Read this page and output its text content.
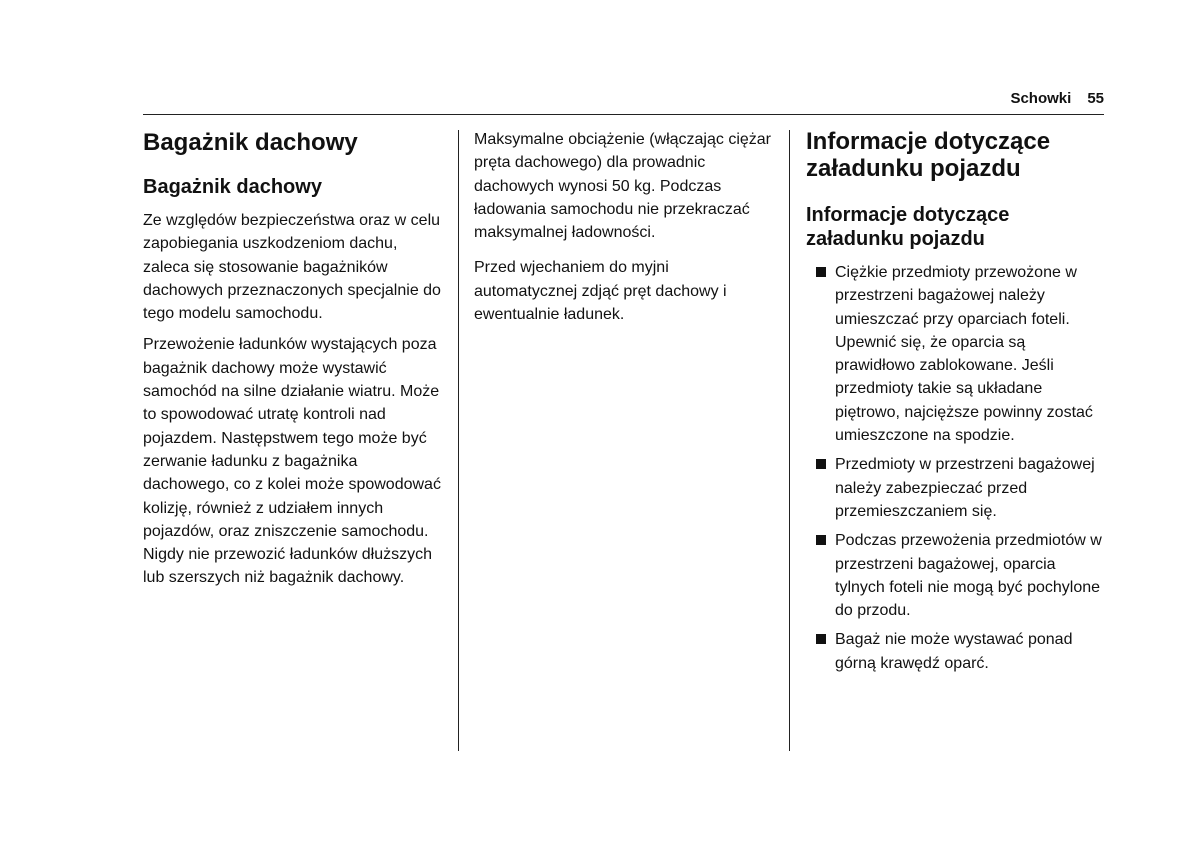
Schowki 55
Bagażnik dachowy
Bagażnik dachowy

Ze względów bezpieczeństwa oraz w celu zapobiegania uszkodzeniom dachu, zaleca się stosowanie bagażników dachowych przeznaczonych specjalnie do tego modelu samochodu.

Przewożenie ładunków wystających poza bagażnik dachowy może wystawić samochód na silne działanie wiatru. Może to spowodować utratę kontroli nad pojazdem. Następstwem tego może być zerwanie ładunku z bagażnika dachowego, co z kolei może spowodować kolizję, również z udziałem innych pojazdów, oraz zniszczenie samochodu. Nigdy nie przewozić ładunków dłuższych lub szerszych niż bagażnik dachowy.

Maksymalne obciążenie (włączając ciężar pręta dachowego) dla prowadnic dachowych wynosi 50 kg. Podczas ładowania samochodu nie przekraczać maksymalnej ładowności.

Przed wjechaniem do myjni automatycznej zdjąć pręt dachowy i ewentualnie ładunek.

Informacje dotyczące załadunku pojazdu
Informacje dotyczące załadunku pojazdu
Ciężkie przedmioty przewożone w przestrzeni bagażowej należy umieszczać przy oparciach foteli. Upewnić się, że oparcia są prawidłowo zablokowane. Jeśli przedmioty takie są układane piętrowo, najcięższe powinny zostać umieszczone na spodzie.
Przedmioty w przestrzeni bagażowej należy zabezpieczać przed przemieszczaniem się.
Podczas przewożenia przedmiotów w przestrzeni bagażowej, oparcia tylnych foteli nie mogą być pochylone do przodu.
Bagaż nie może wystawać ponad górną krawędź oparć.
